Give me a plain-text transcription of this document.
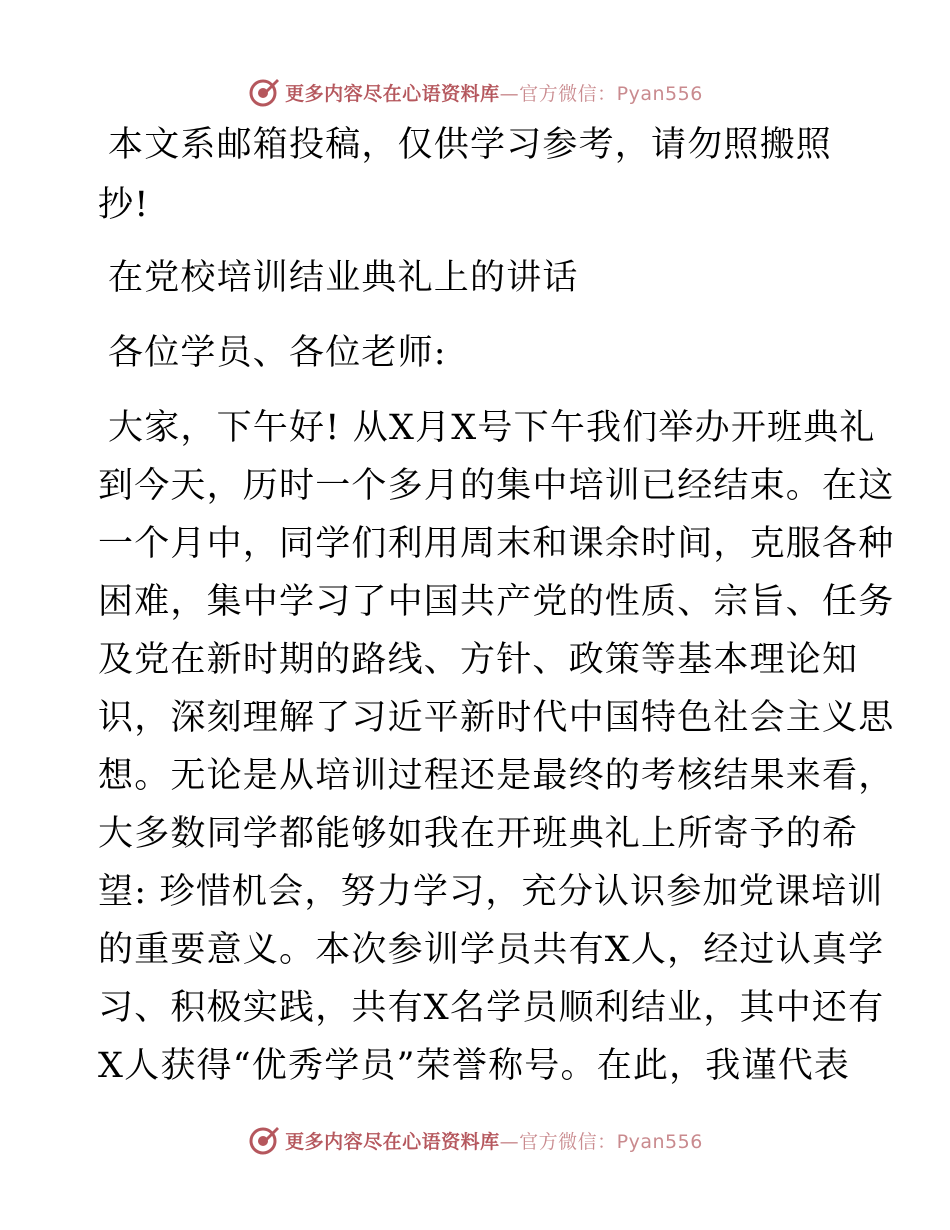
更多内容尽在心语资料库—官方微信：Pyan556
本文系邮箱投稿，仅供学习参考，请勿照搬照
抄!
在党校培训结业典礼上的讲话
各位学员、各位老师:
大家，下午好! 从X月X号下午我们举办开班典礼
到今天，历时一个多月的集中培训已经结束。在这
一个月中，同学们利用周末和课余时间，克服各种
困难，集中学习了中国共产党的性质、宗旨、任务
及党在新时期的路线、方针、政策等基本理论知
识，深刻理解了习近平新时代中国特色社会主义思
想。无论是从培训过程还是最终的考核结果来看，
大多数同学都能够如我在开班典礼上所寄予的希
望: 珍惜机会，努力学习，充分认识参加党课培训
的重要意义。本次参训学员共有X人，经过认真学
习、积极实践，共有X名学员顺利结业，其中还有
X人获得“优秀学员”荣誉称号。在此，我谨代表
更多内容尽在心语资料库—官方微信：Pyan556
